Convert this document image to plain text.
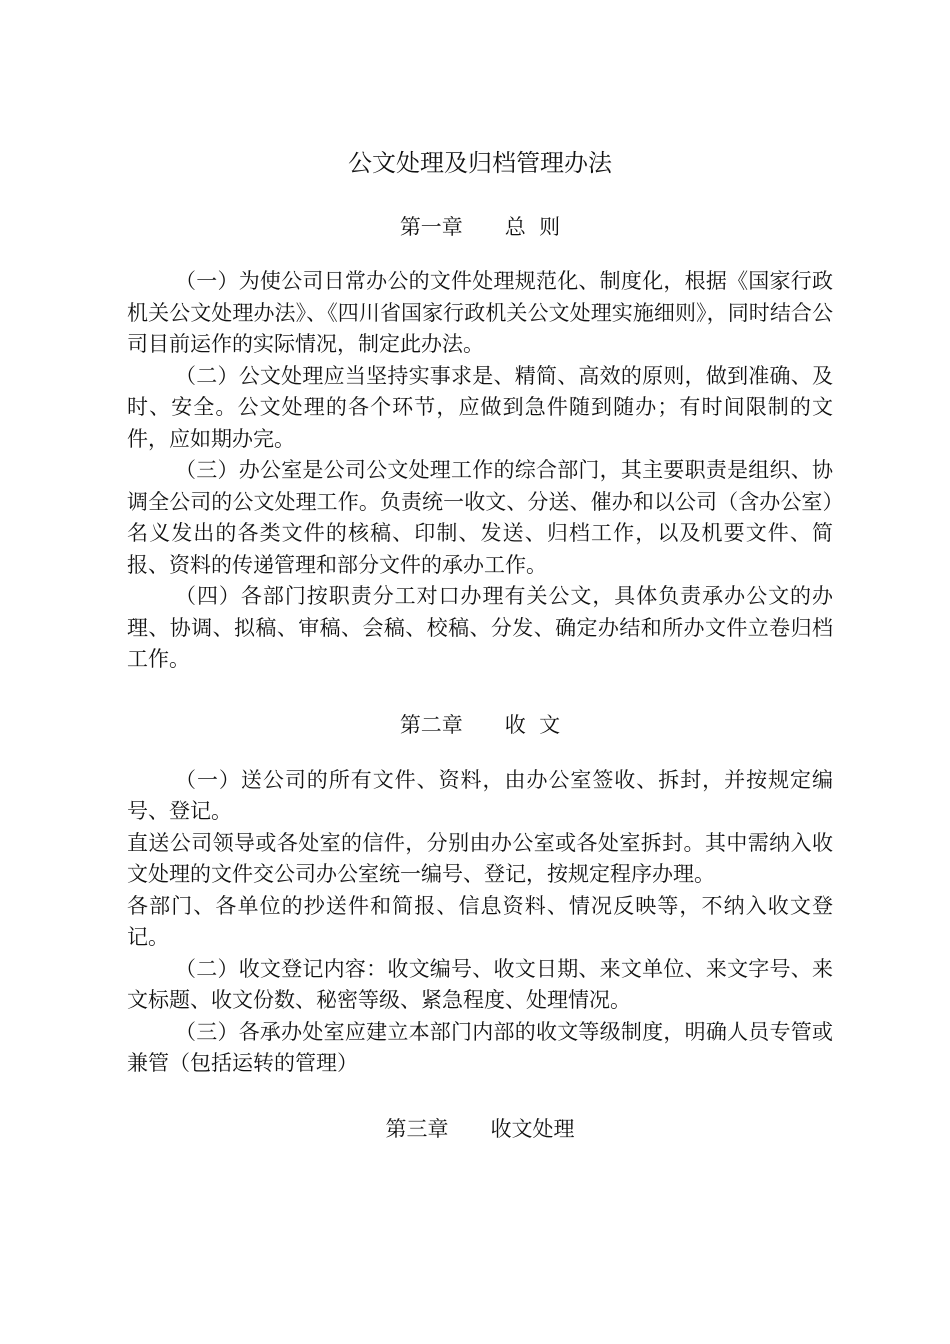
公文处理及归档管理办法
第一章　　总  则

（一）为使公司日常办公的文件处理规范化、制度化，根据《国家行政机关公文处理办法》、《四川省国家行政机关公文处理实施细则》，同时结合公司目前运作的实际情况，制定此办法。

（二）公文处理应当坚持实事求是、精简、高效的原则，做到准确、及时、安全。公文处理的各个环节，应做到急件随到随办；有时间限制的文件，应如期办完。

（三）办公室是公司公文处理工作的综合部门，其主要职责是组织、协调全公司的公文处理工作。负责统一收文、分送、催办和以公司（含办公室）名义发出的各类文件的核稿、印制、发送、归档工作，以及机要文件、简报、资料的传递管理和部分文件的承办工作。

（四）各部门按职责分工对口办理有关公文，具体负责承办公文的办理、协调、拟稿、审稿、会稿、校稿、分发、确定办结和所办文件立卷归档工作。

第二章　　收  文

（一）送公司的所有文件、资料，由办公室签收、拆封，并按规定编号、登记。

直送公司领导或各处室的信件，分别由办公室或各处室拆封。其中需纳入收文处理的文件交公司办公室统一编号、登记，按规定程序办理。

各部门、各单位的抄送件和简报、信息资料、情况反映等，不纳入收文登记。

（二）收文登记内容：收文编号、收文日期、来文单位、来文字号、来文标题、收文份数、秘密等级、紧急程度、处理情况。

（三）各承办处室应建立本部门内部的收文等级制度，明确人员专管或兼管（包括运转的管理）

第三章　　收文处理
